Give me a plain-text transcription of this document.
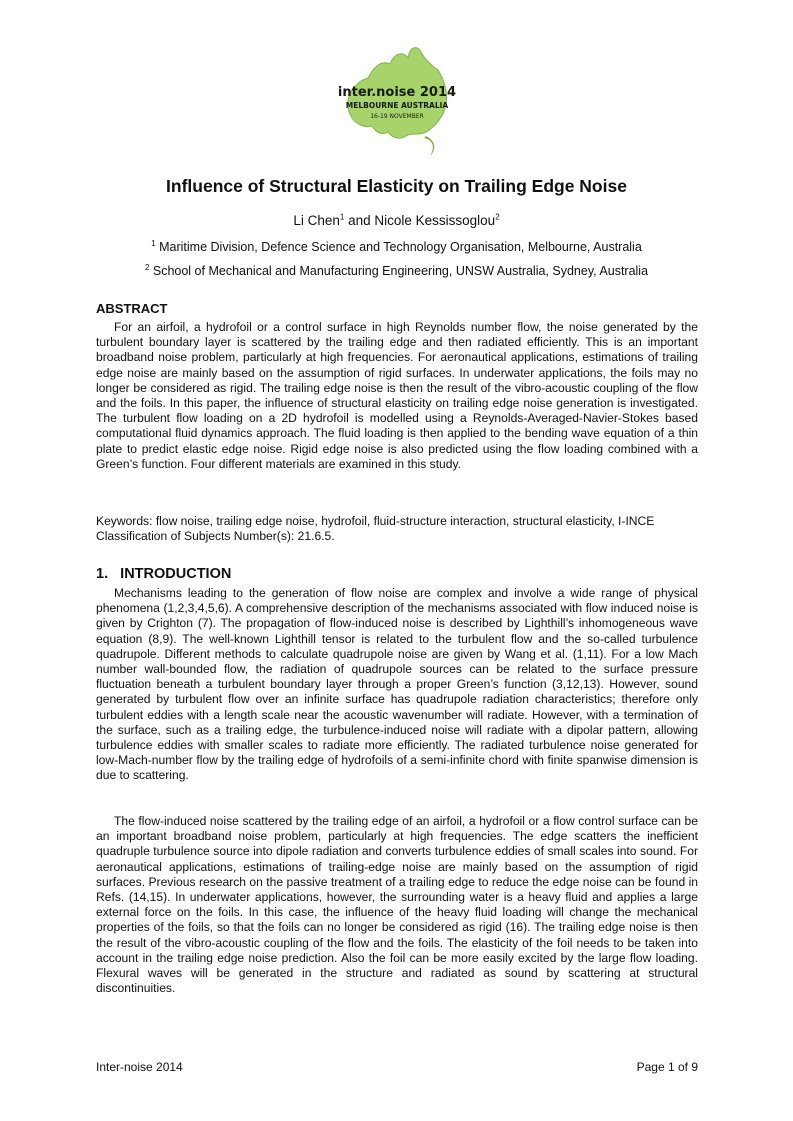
inter.noise 2014
MELBOURNE AUSTRALIA
16-19 NOVEMBER
Influence of Structural Elasticity on Trailing Edge Noise
Li Chen$^1$ and Nicole Kessissoglou$^2$
$^1$ Maritime Division, Defence Science and Technology Organisation, Melbourne, Australia
$^2$ School of Mechanical and Manufacturing Engineering, UNSW Australia, Sydney, Australia
ABSTRACT

For an airfoil, a hydrofoil or a control surface in high Reynolds number flow, the noise generated by the turbulent boundary layer is scattered by the trailing edge and then radiated efficiently. This is an important broadband noise problem, particularly at high frequencies. For aeronautical applications, estimations of trailing edge noise are mainly based on the assumption of rigid surfaces. In underwater applications, the foils may no longer be considered as rigid. The trailing edge noise is then the result of the vibro-acoustic coupling of the flow and the foils. In this paper, the influence of structural elasticity on trailing edge noise generation is investigated. The turbulent flow loading on a 2D hydrofoil is modelled using a Reynolds-Averaged-Navier-Stokes based computational fluid dynamics approach. The fluid loading is then applied to the bending wave equation of a thin plate to predict elastic edge noise. Rigid edge noise is also predicted using the flow loading combined with a Green’s function. Four different materials are examined in this study.

Keywords: flow noise, trailing edge noise, hydrofoil, fluid-structure interaction, structural elasticity, I-INCE Classification of Subjects Number(s): 21.6.5.

1.   INTRODUCTION

Mechanisms leading to the generation of flow noise are complex and involve a wide range of physical phenomena (1,2,3,4,5,6). A comprehensive description of the mechanisms associated with flow induced noise is given by Crighton (7). The propagation of flow-induced noise is described by Lighthill’s inhomogeneous wave equation (8,9). The well-known Lighthill tensor is related to the turbulent flow and the so-called turbulence quadrupole. Different methods to calculate quadrupole noise are given by Wang et al. (1,11). For a low Mach number wall-bounded flow, the radiation of quadrupole sources can be related to the surface pressure fluctuation beneath a turbulent boundary layer through a proper Green’s function (3,12,13). However, sound generated by turbulent flow over an infinite surface has quadrupole radiation characteristics; therefore only turbulent eddies with a length scale near the acoustic wavenumber will radiate. However, with a termination of the surface, such as a trailing edge, the turbulence-induced noise will radiate with a dipolar pattern, allowing turbulence eddies with smaller scales to radiate more efficiently. The radiated turbulence noise generated for low-Mach-number flow by the trailing edge of hydrofoils of a semi-infinite chord with finite spanwise dimension is due to scattering.

The flow-induced noise scattered by the trailing edge of an airfoil, a hydrofoil or a flow control surface can be an important broadband noise problem, particularly at high frequencies. The edge scatters the inefficient quadruple turbulence source into dipole radiation and converts turbulence eddies of small scales into sound. For aeronautical applications, estimations of trailing-edge noise are mainly based on the assumption of rigid surfaces. Previous research on the passive treatment of a trailing edge to reduce the edge noise can be found in Refs. (14,15). In underwater applications, however, the surrounding water is a heavy fluid and applies a large external force on the foils. In this case, the influence of the heavy fluid loading will change the mechanical properties of the foils, so that the foils can no longer be considered as rigid (16). The trailing edge noise is then the result of the vibro-acoustic coupling of the flow and the foils. The elasticity of the foil needs to be taken into account in the trailing edge noise prediction. Also the foil can be more easily excited by the large flow loading. Flexural waves will be generated in the structure and radiated as sound by scattering at structural discontinuities.

Inter-noise 2014	Page 1 of 9
